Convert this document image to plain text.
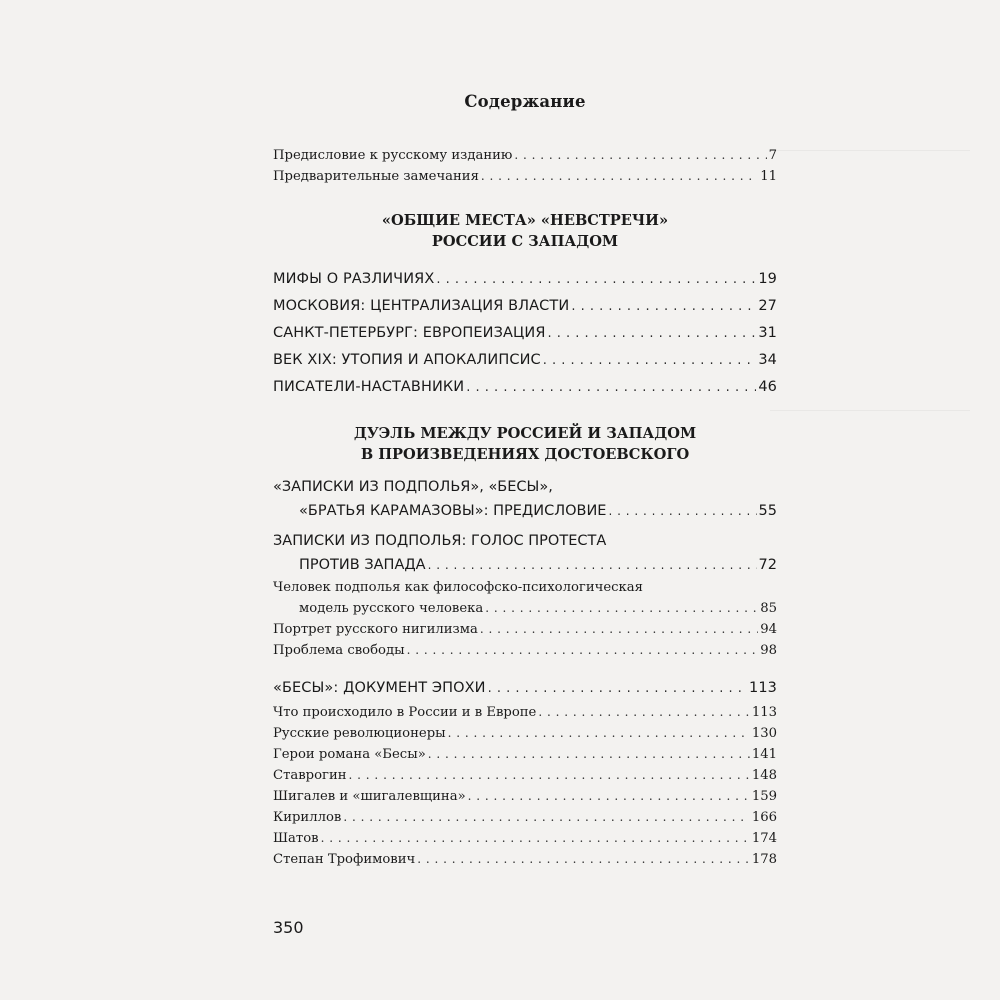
Содержание
Предисловие к русскому изданию . . .	7
Предварительные замечания . . .	11

«ОБЩИЕ МЕСТА» «НЕВСТРЕЧИ»

РОССИИ С ЗАПАДОМ

МИФЫ О РАЗЛИЧИЯХ . . .	19
МОСКОВИЯ: ЦЕНТРАЛИЗАЦИЯ ВЛАСТИ . . .	27
САНКТ-ПЕТЕРБУРГ: ЕВРОПЕИЗАЦИЯ . . .	31
ВЕК XIX: УТОПИЯ И АПОКАЛИПСИС . . .	34
ПИСАТЕЛИ-НАСТАВНИКИ . . .	46

ДУЭЛЬ МЕЖДУ РОССИЕЙ И ЗАПАДОМ

В ПРОИЗВЕДЕНИЯХ ДОСТОЕВСКОГО

«ЗАПИСКИ ИЗ ПОДПОЛЬЯ», «БЕСЫ»,
«БРАТЬЯ КАРАМАЗОВЫ»: ПРЕДИСЛОВИЕ . . .	55
ЗАПИСКИ ИЗ ПОДПОЛЬЯ: ГОЛОС ПРОТЕСТА
ПРОТИВ ЗАПАДА . . .	72
Человек подполья как философско-психологическая
модель русского человека . . .	85
Портрет русского нигилизма . . .	94
Проблема свободы . . .	98
«БЕСЫ»: ДОКУМЕНТ ЭПОХИ . . .	113
Что происходило в России и в Европе . . .	113
Русские революционеры . . .	130
Герои романа «Бесы» . . .	141
Ставрогин . . .	148
Шигалев и «шигалевщина» . . .	159
Кириллов . . .	166
Шатов . . .	174
Степан Трофимович . . .	178
350
